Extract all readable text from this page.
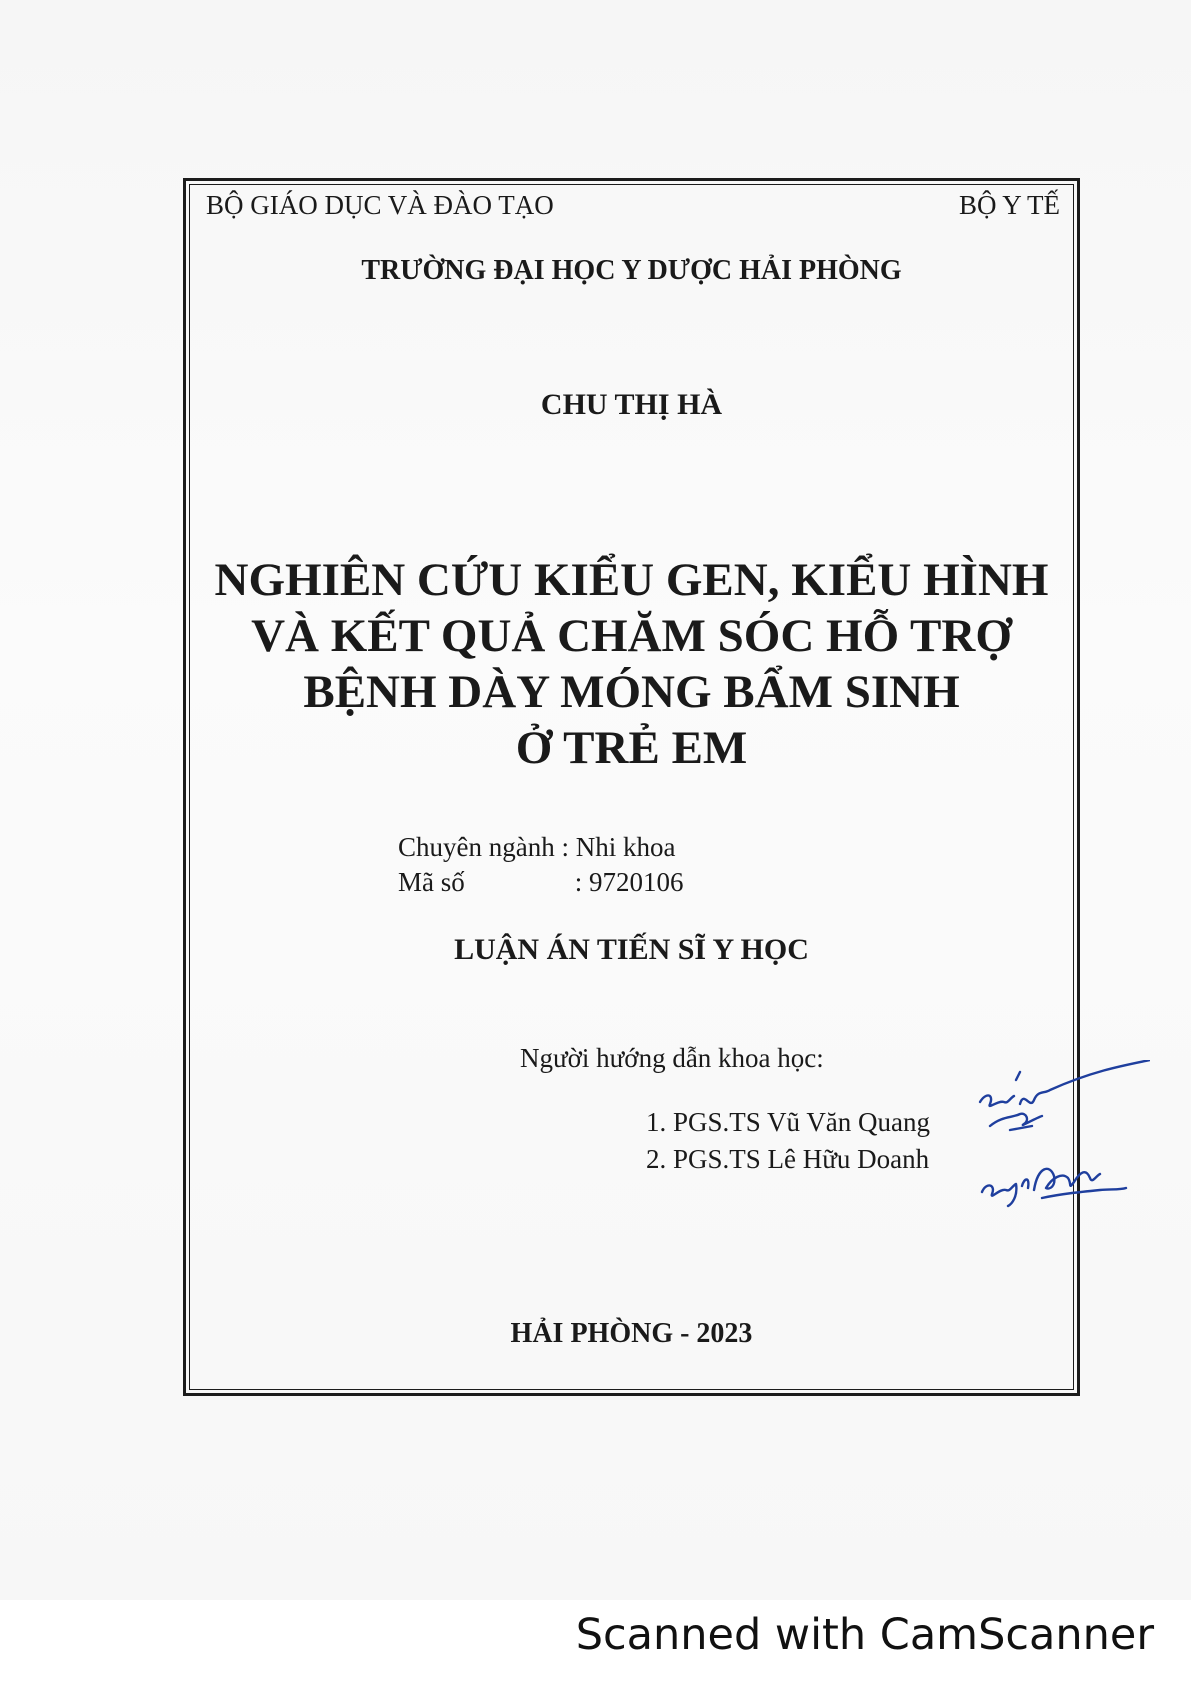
BỘ GIÁO DỤC VÀ ĐÀO TẠO	BỘ Y TẾ
TRƯỜNG ĐẠI HỌC Y DƯỢC HẢI PHÒNG
CHU THỊ HÀ
NGHIÊN CỨU KIỂU GEN, KIỂU HÌNH
VÀ KẾT QUẢ CHĂM SÓC HỖ TRỢ
BỆNH DÀY MÓNG BẨM SINH
Ở TRẺ EM
Chuyên ngành : Nhi khoa
Mã số	: 9720106
LUẬN ÁN TIẾN SĨ Y HỌC
Người hướng dẫn khoa học:
1. PGS.TS Vũ Văn Quang
2. PGS.TS Lê Hữu Doanh
HẢI PHÒNG - 2023
Scanned with CamScanner
